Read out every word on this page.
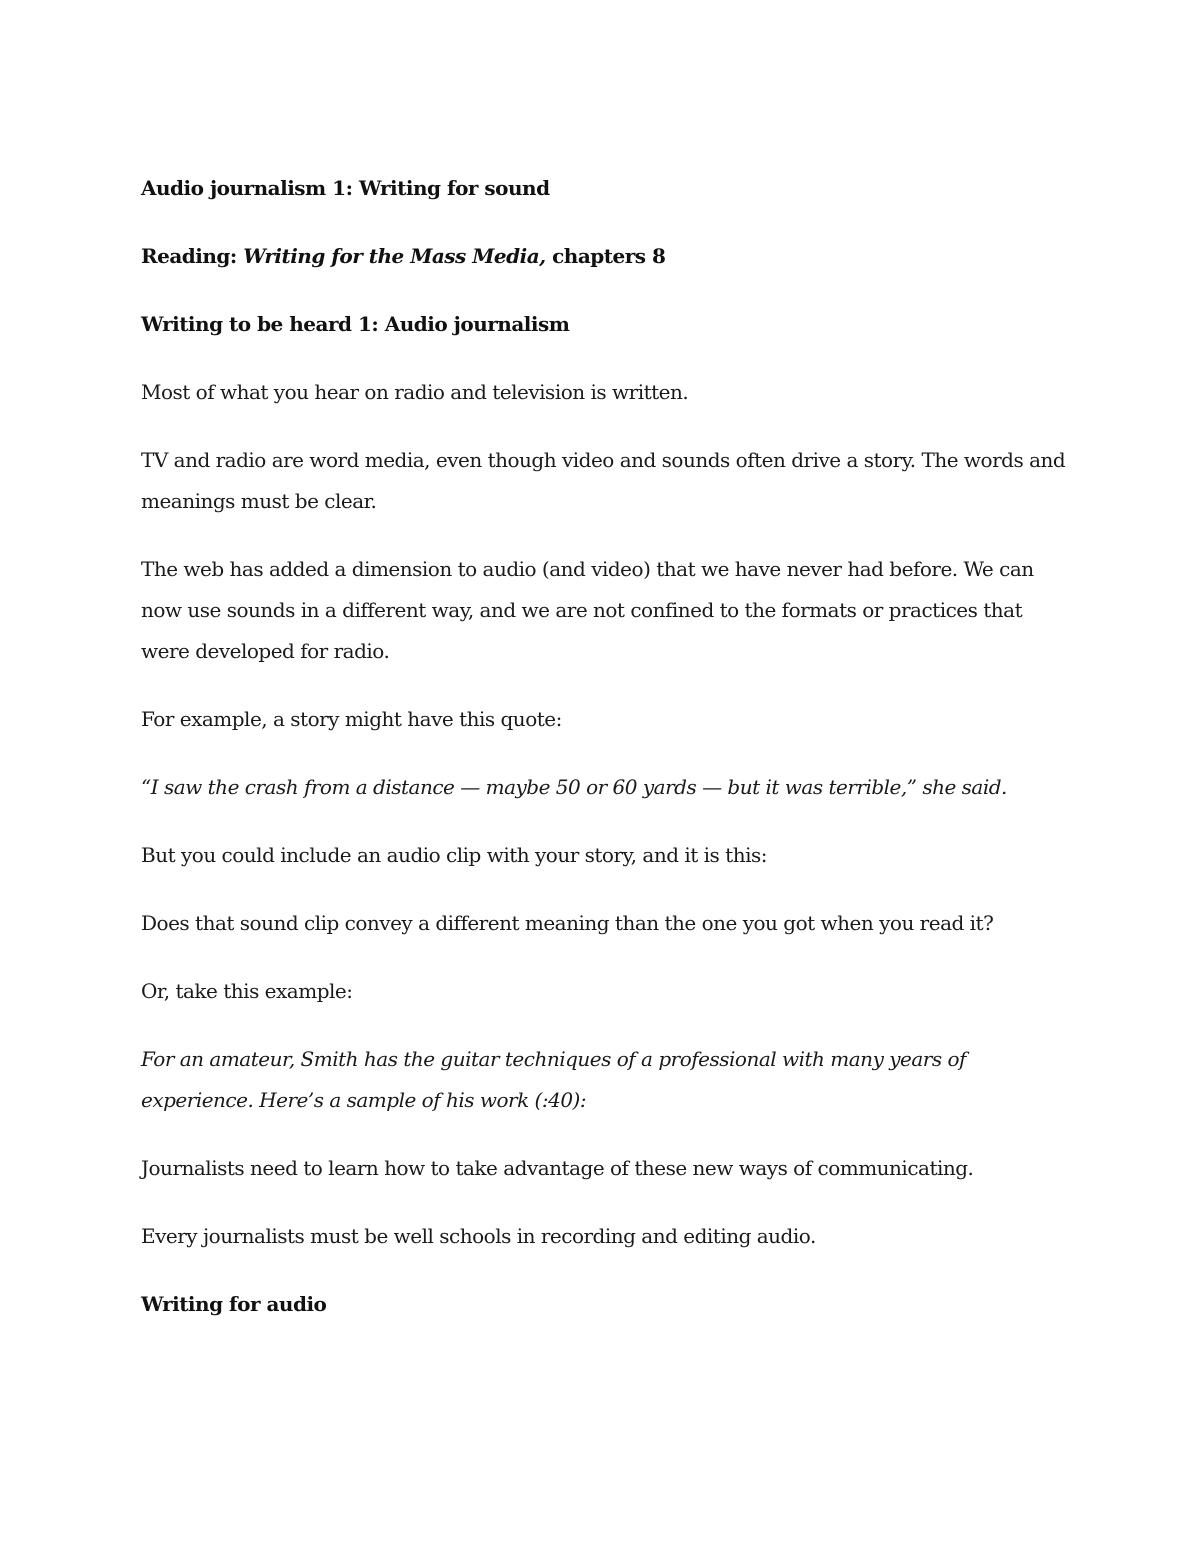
Audio journalism 1: Writing for sound

Reading: Writing for the Mass Media, chapters 8

Writing to be heard 1: Audio journalism

Most of what you hear on radio and television is written.

TV and radio are word media, even though video and sounds often drive a story. The words and meanings must be clear.

The web has added a dimension to audio (and video) that we have never had before. We can now use sounds in a different way, and we are not confined to the formats or practices that were developed for radio.

For example, a story might have this quote:

“I saw the crash from a distance — maybe 50 or 60 yards — but it was terrible,” she said.

But you could include an audio clip with your story, and it is this:

Does that sound clip convey a different meaning than the one you got when you read it?

Or, take this example:

For an amateur, Smith has the guitar techniques of a professional with many years of experience. Here’s a sample of his work (:40):

Journalists need to learn how to take advantage of these new ways of communicating.

Every journalists must be well schools in recording and editing audio.

Writing for audio
